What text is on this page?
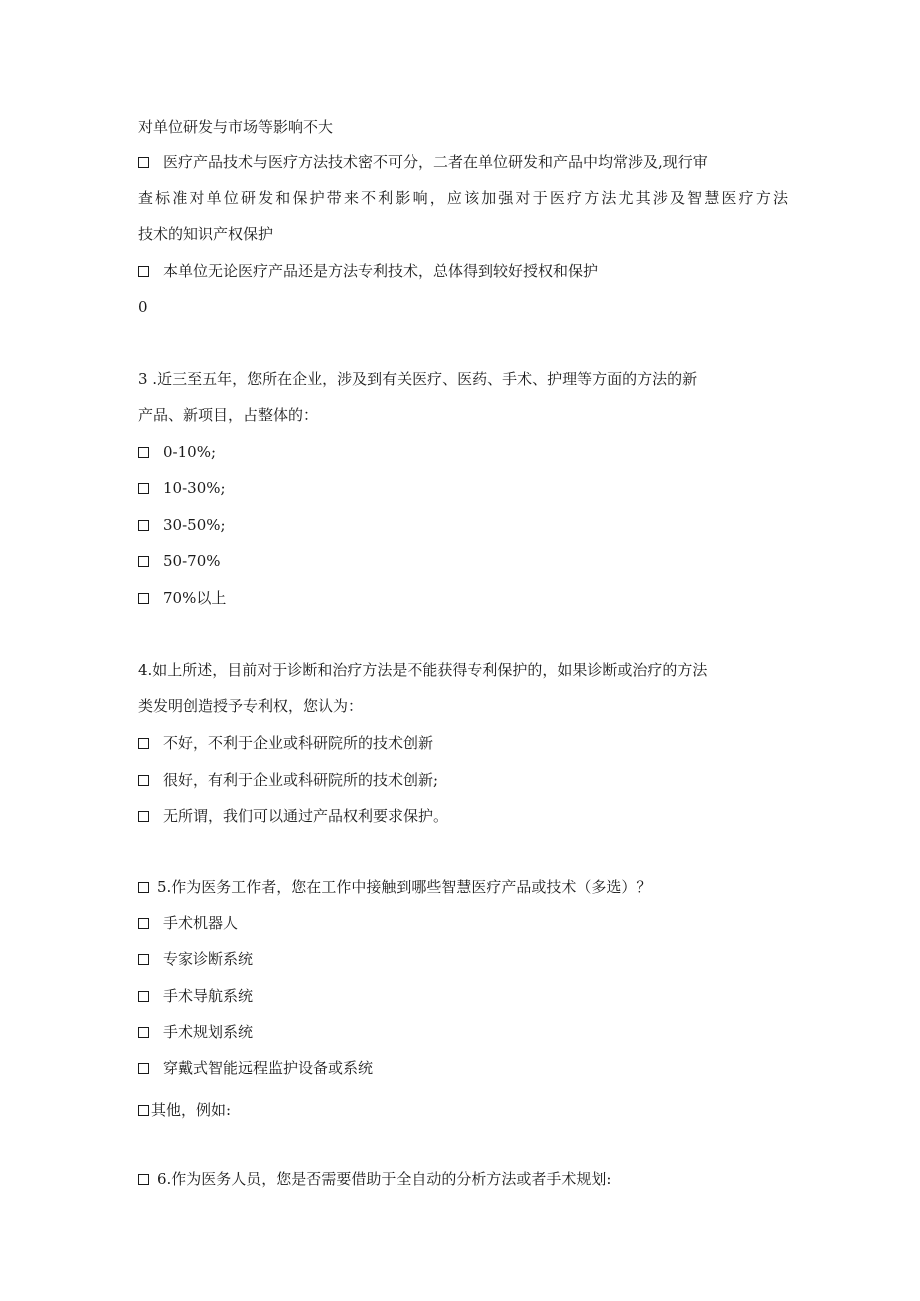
对单位研发与市场等影响不大
医疗产品技术与医疗方法技术密不可分，二者在单位研发和产品中均常涉及,现行审
查标准对单位研发和保护带来不利影响，应该加强对于医疗方法尤其涉及智慧医疗方法
技术的知识产权保护
本单位无论医疗产品还是方法专利技术，总体得到较好授权和保护
0
3 .近三至五年，您所在企业，涉及到有关医疗、医药、手术、护理等方面的方法的新
产品、新项目，占整体的：
0-10%;
10-30%;
30-50%;
50-70%
70%以上
4.如上所述，目前对于诊断和治疗方法是不能获得专利保护的，如果诊断或治疗的方法
类发明创造授予专利权，您认为：
不好，不利于企业或科研院所的技术创新
很好，有利于企业或科研院所的技术创新;
无所谓，我们可以通过产品权利要求保护。
5.作为医务工作者，您在工作中接触到哪些智慧医疗产品或技术（多选）？
手术机器人
专家诊断系统
手术导航系统
手术规划系统
穿戴式智能远程监护设备或系统
其他，例如:
6.作为医务人员，您是否需要借助于全自动的分析方法或者手术规划:
